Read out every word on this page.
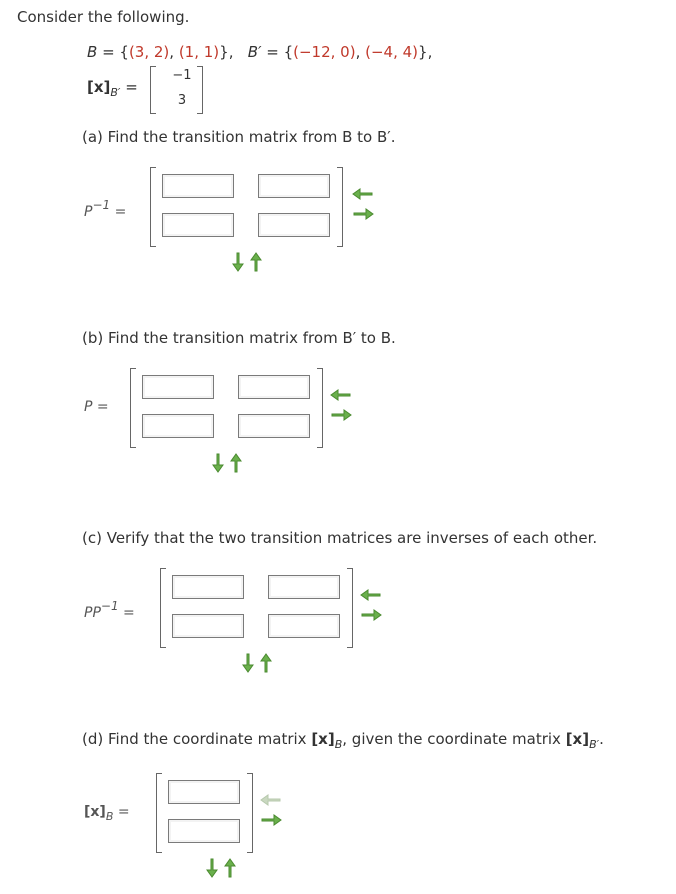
Consider the following.
B = {(3, 2), (1, 1)},   B′ = {(−12, 0), (−4, 4)},
$[x]_{B'}$ =
−1
3
(a) Find the transition matrix from B to B′.
P−1 =
(b) Find the transition matrix from B′ to B.
P =
(c) Verify that the two transition matrices are inverses of each other.
PP−1 =
(d) Find the coordinate matrix $[x]_B$, given the coordinate matrix $[x]_{B'}$.
$[x]_B$ =
